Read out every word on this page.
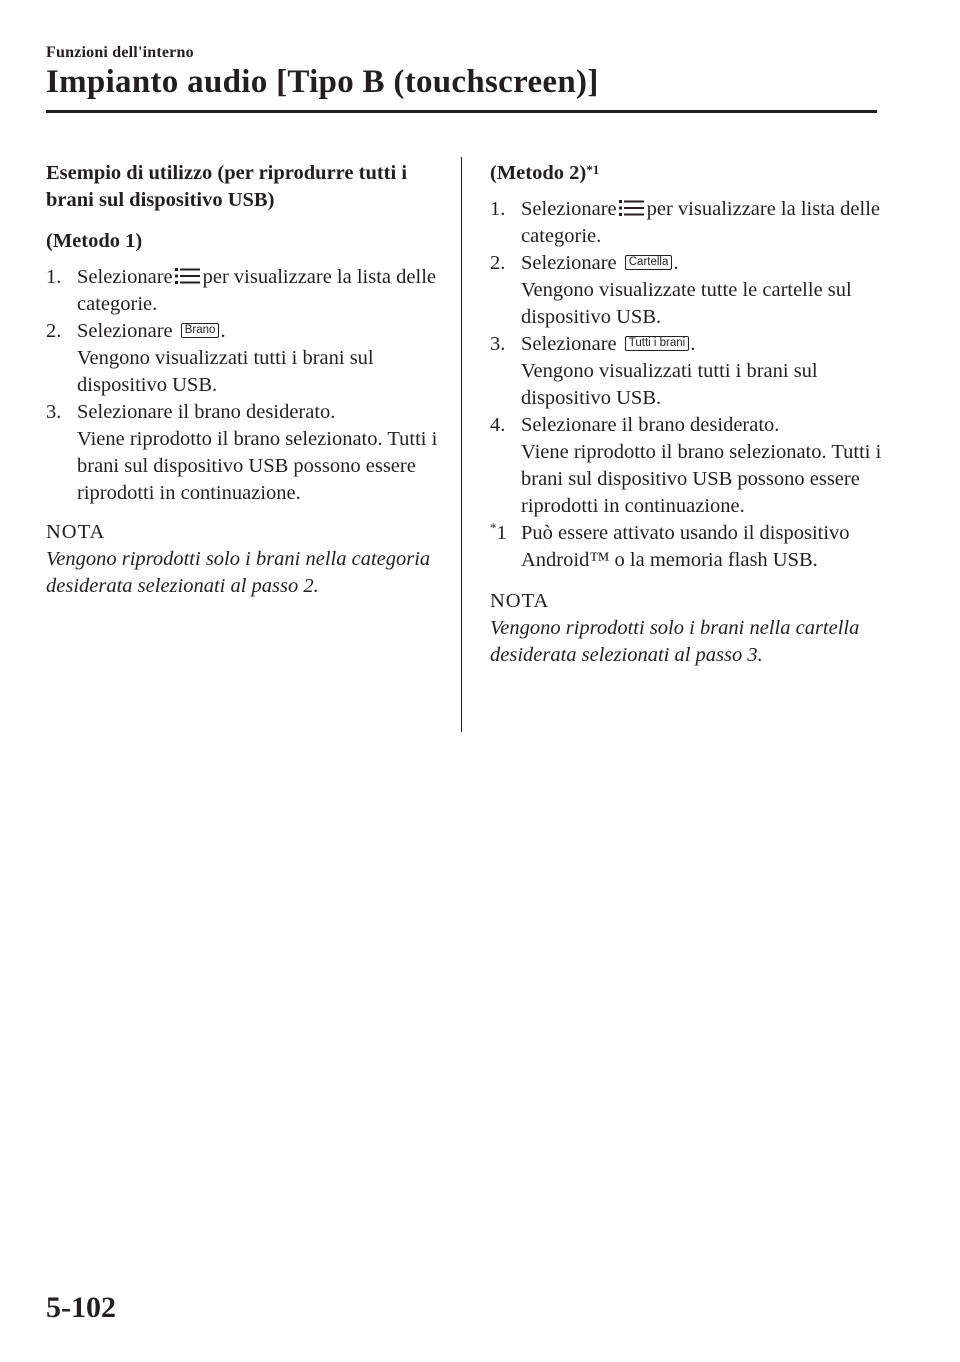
Funzioni dell'interno
Impianto audio [Tipo B (touchscreen)]
Esempio di utilizzo (per riprodurre tutti i brani sul dispositivo USB)
(Metodo 1)
1. Selezionare per visualizzare la lista delle categorie.
2. Selezionare Brano .
Vengono visualizzati tutti i brani sul dispositivo USB.
3. Selezionare il brano desiderato.
Viene riprodotto il brano selezionato. Tutti i brani sul dispositivo USB possono essere riprodotti in continuazione.
NOTA
Vengono riprodotti solo i brani nella categoria desiderata selezionati al passo 2.
(Metodo 2)$^{*1}$
1. Selezionare per visualizzare la lista delle categorie.
2. Selezionare Cartella .
Vengono visualizzate tutte le cartelle sul dispositivo USB.
3. Selezionare Tutti i brani .
Vengono visualizzati tutti i brani sul dispositivo USB.
4. Selezionare il brano desiderato.
Viene riprodotto il brano selezionato. Tutti i brani sul dispositivo USB possono essere riprodotti in continuazione.
*1 Può essere attivato usando il dispositivo Android™ o la memoria flash USB.
NOTA
Vengono riprodotti solo i brani nella cartella desiderata selezionati al passo 3.
5-102
